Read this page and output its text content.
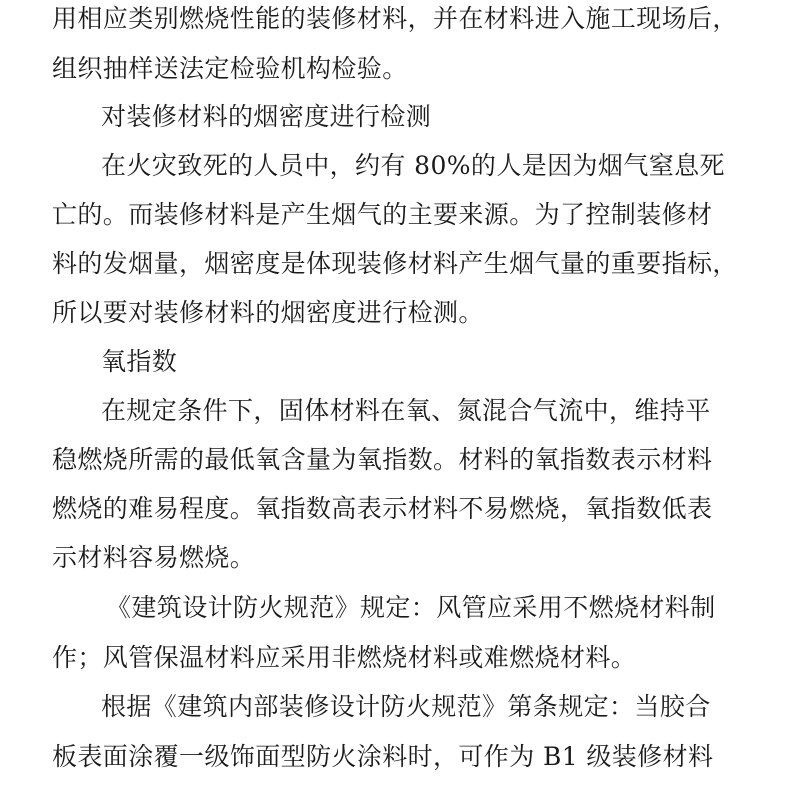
用相应类别燃烧性能的装修材料，并在材料进入施工现场后，
组织抽样送法定检验机构检验。
对装修材料的烟密度进行检测
在火灾致死的人员中，约有 80%的人是因为烟气窒息死
亡的。而装修材料是产生烟气的主要来源。为了控制装修材
料的发烟量，烟密度是体现装修材料产生烟气量的重要指标，
所以要对装修材料的烟密度进行检测。
氧指数
在规定条件下，固体材料在氧、氮混合气流中，维持平
稳燃烧所需的最低氧含量为氧指数。材料的氧指数表示材料
燃烧的难易程度。氧指数高表示材料不易燃烧，氧指数低表
示材料容易燃烧。
《建筑设计防火规范》规定：风管应采用不燃烧材料制
作；风管保温材料应采用非燃烧材料或难燃烧材料。
根据《建筑内部装修设计防火规范》第条规定：当胶合
板表面涂覆一级饰面型防火涂料时，可作为 B1 级装修材料
